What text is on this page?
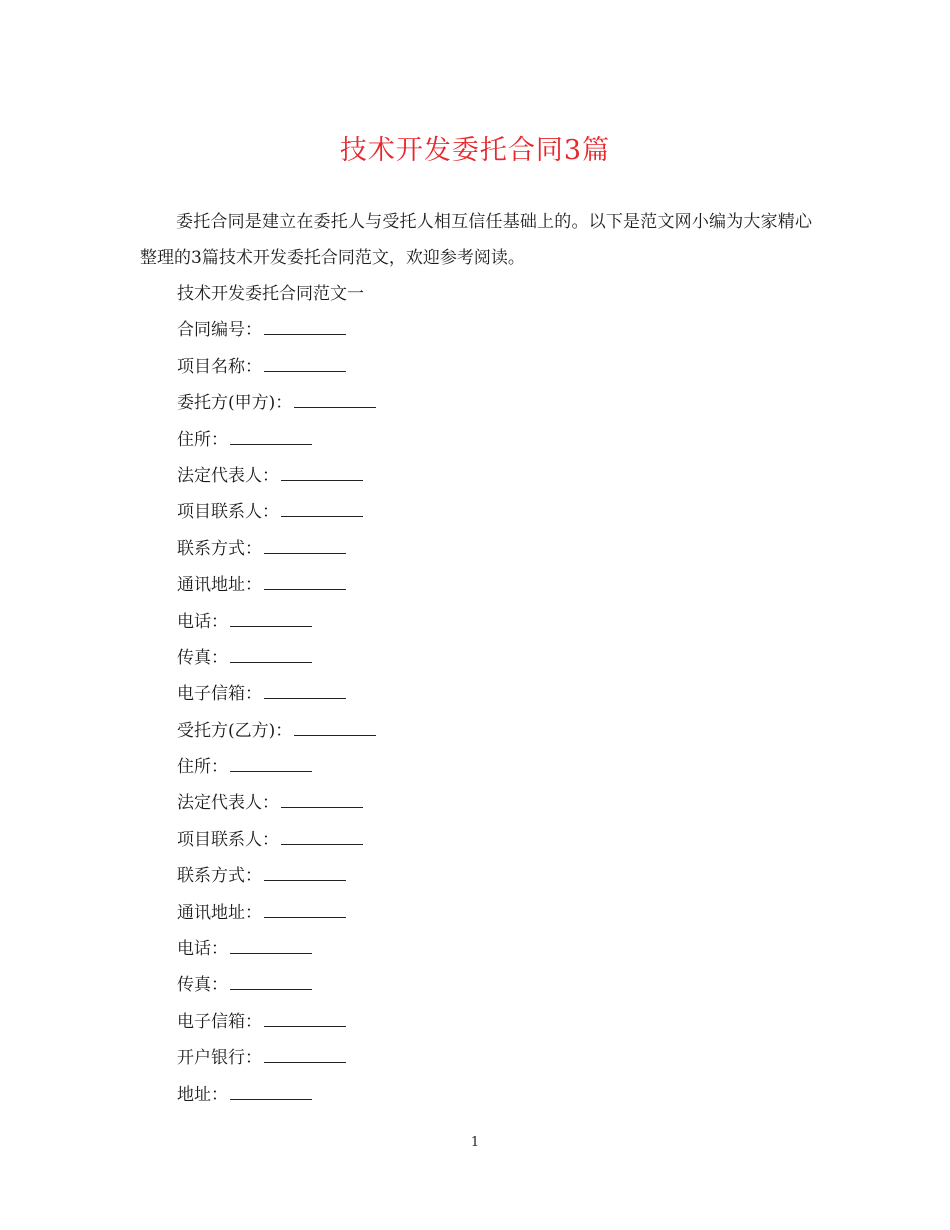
技术开发委托合同3篇

委托合同是建立在委托人与受托人相互信任基础上的。以下是范文网小编为大家精心整理的3篇技术开发委托合同范文，欢迎参考阅读。

技术开发委托合同范文一
合同编号：
项目名称：
委托方(甲方)：
住所：
法定代表人：
项目联系人：
联系方式：
通讯地址：
电话：
传真：
电子信箱：
受托方(乙方)：
住所：
法定代表人：
项目联系人：
联系方式：
通讯地址：
电话：
传真：
电子信箱：
开户银行：
地址：
1
